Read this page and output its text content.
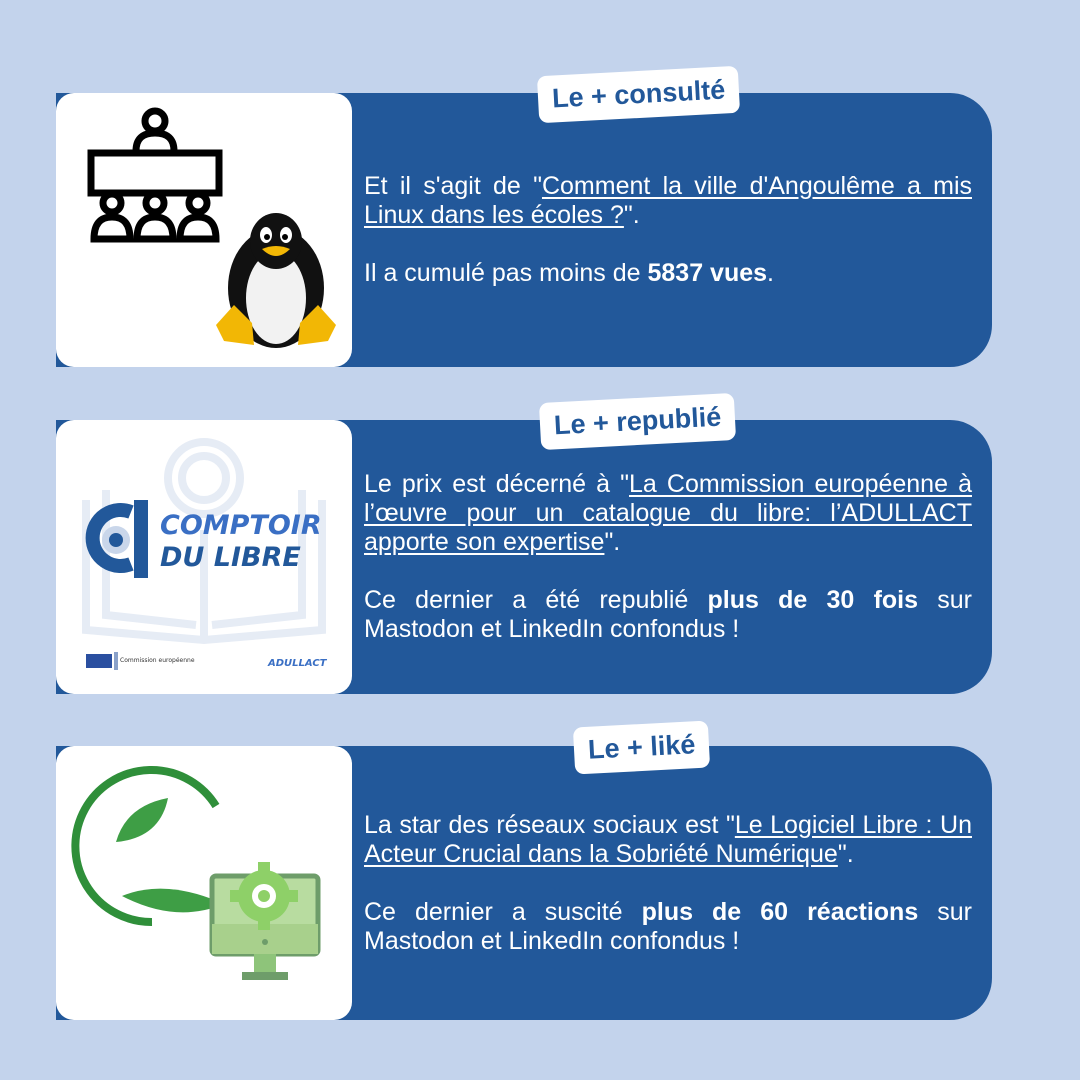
Et il s'agit de "Comment la ville d'Angoulême a mis Linux dans les écoles ?".

Il a cumulé pas moins de 5837 vues.

Le + consulté
COMPTOIR
DU LIBRE
Commission européenne	ADULLACT

Le prix est décerné à "La Commission européenne à l’œuvre pour un catalogue du libre: l’ADULLACT apporte son expertise".

Ce dernier a été republié plus de 30 fois sur Mastodon et LinkedIn confondus !

Le + republié

La star des réseaux sociaux est "Le Logiciel Libre : Un Acteur Crucial dans la Sobriété Numérique".

Ce dernier a suscité plus de 60 réactions sur Mastodon et LinkedIn confondus !

Le + liké
